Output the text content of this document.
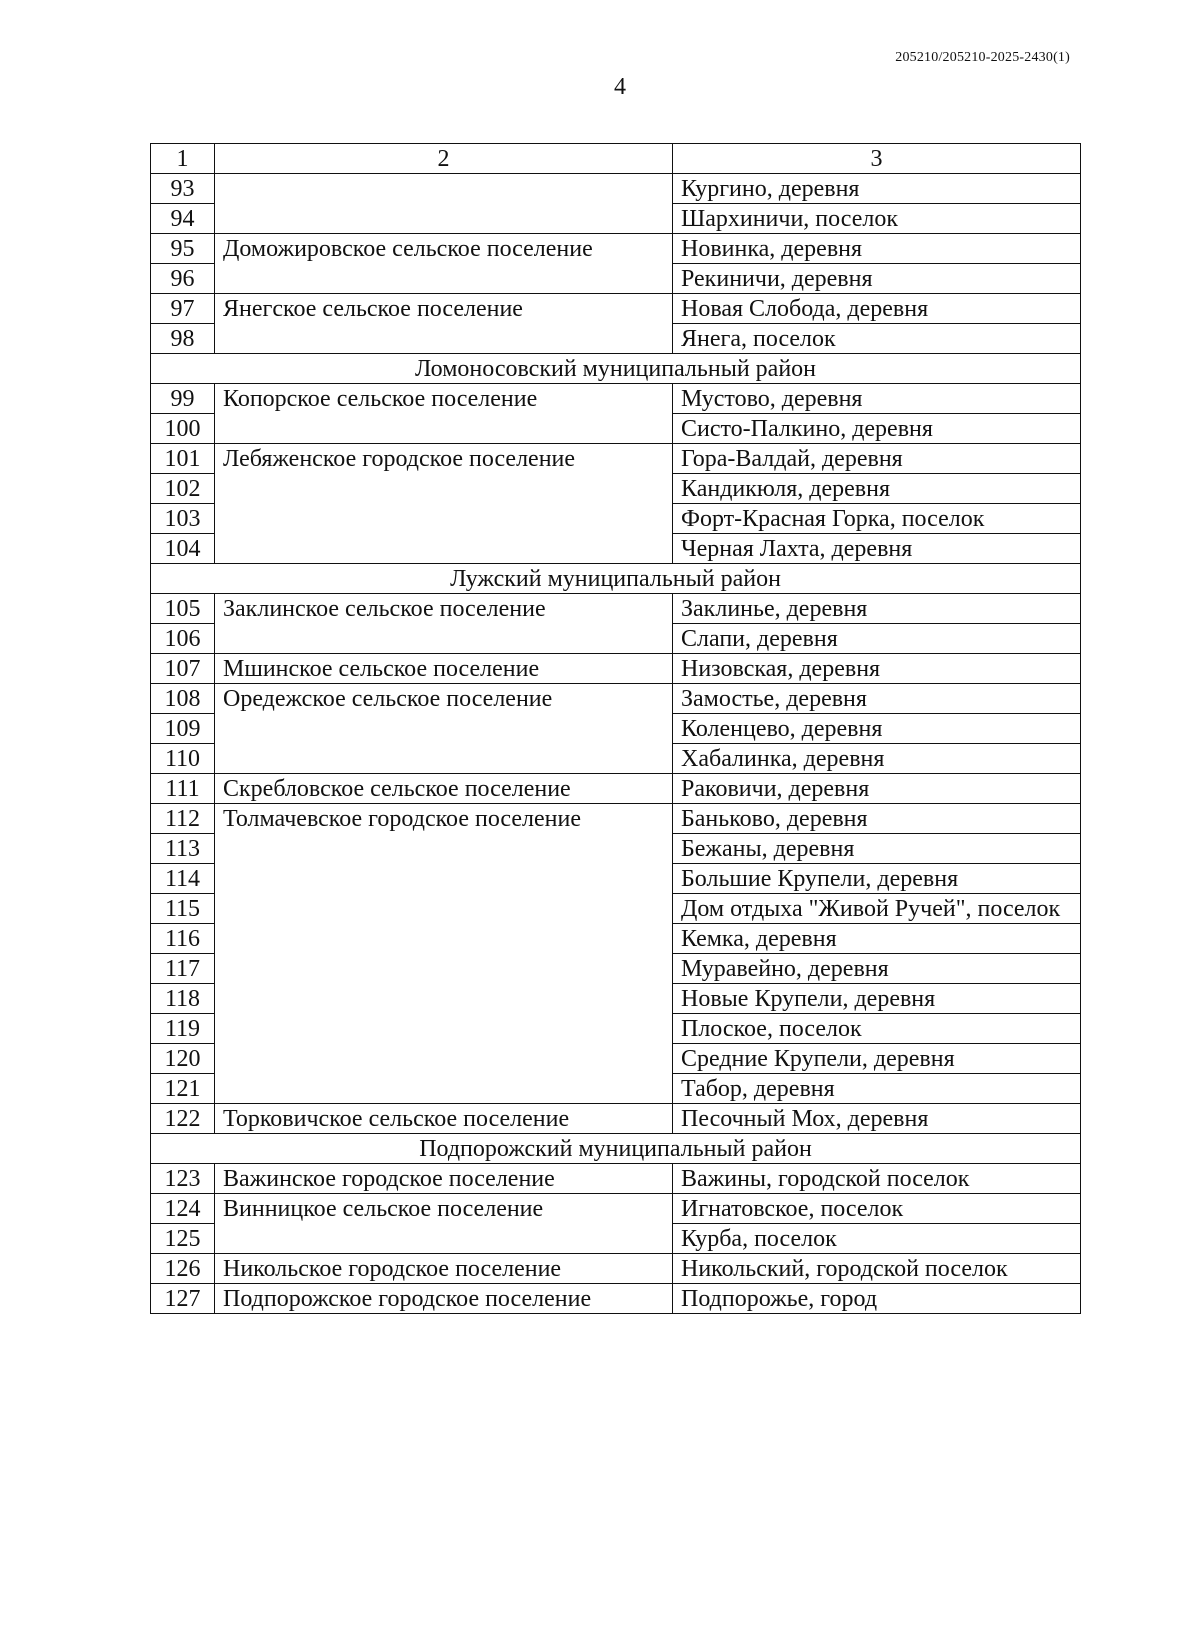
205210/205210-2025-2430(1)
4
1	2	3
93		Кургино, деревня
94		Шархиничи, поселок
95	Доможировское сельское поселение	Новинка, деревня
96		Рекиничи, деревня
97	Янегское сельское поселение	Новая Слобода, деревня
98		Янега, поселок
Ломоносовский муниципальный район		
99	Копорское сельское поселение	Мустово, деревня
100		Систо-Палкино, деревня
101	Лебяженское городское поселение	Гора-Валдай, деревня
102		Кандикюля, деревня
103		Форт-Красная Горка, поселок
104		Черная Лахта, деревня
Лужский муниципальный район		
105	Заклинское сельское поселение	Заклинье, деревня
106		Слапи, деревня
107	Мшинское сельское поселение	Низовская, деревня
108	Оредежское сельское поселение	Замостье, деревня
109		Коленцево, деревня
110		Хабалинка, деревня
111	Скребловское сельское поселение	Раковичи, деревня
112	Толмачевское городское поселение	Баньково, деревня
113		Бежаны, деревня
114		Большие Крупели, деревня
115		Дом отдыха "Живой Ручей", поселок
116		Кемка, деревня
117		Муравейно, деревня
118		Новые Крупели, деревня
119		Плоское, поселок
120		Средние Крупели, деревня
121		Табор, деревня
122	Торковичское сельское поселение	Песочный Мох, деревня
Подпорожский муниципальный район		
123	Важинское городское поселение	Важины, городской поселок
124	Винницкое сельское поселение	Игнатовское, поселок
125		Курба, поселок
126	Никольское городское поселение	Никольский, городской поселок
127	Подпорожское городское поселение	Подпорожье, город
